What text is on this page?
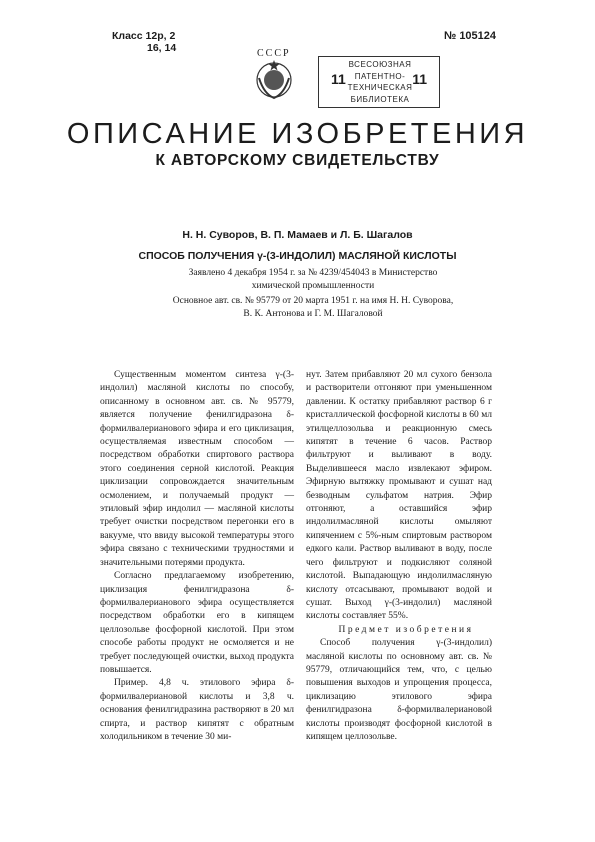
Класс 12p, 2
16, 14
№ 105124
СССР
11
ВСЕСОЮЗНАЯ
ПАТЕНТНО-
ТЕХНИЧЕСКАЯ
БИБЛИОТЕКА
11
ОПИСАНИЕ ИЗОБРЕТЕНИЯ
К АВТОРСКОМУ СВИДЕТЕЛЬСТВУ
Н. Н. Суворов, В. П. Мамаев и Л. Б. Шагалов
СПОСОБ ПОЛУЧЕНИЯ γ-(3-ИНДОЛИЛ) МАСЛЯНОЙ КИСЛОТЫ
Заявлено 4 декабря 1954 г. за № 4239/454043 в Министерство химической промышленности
Основное авт. св. № 95779 от 20 марта 1951 г. на имя Н. Н. Суворова, В. К. Антонова и Г. М. Шагаловой

Существенным моментом синтеза γ-(3-индолил) масляной кислоты по способу, описанному в основном авт. св. № 95779, является получение фенилгидразона δ-формилвалерианового эфира и его циклизация, осуществляемая известным способом — посредством обработки спиртового раствора этого соединения серной кислотой. Реакция циклизации сопровождается значительным осмолением, и получаемый продукт — этиловый эфир индолил — масляной кислоты требует очистки посредством перегонки его в вакууме, что ввиду высокой температуры этого эфира связано с техническими трудностями и значительными потерями продукта.

Согласно предлагаемому изобретению, циклизация фенилгидразона δ-формилвалерианового эфира осуществляется посредством обработки его в кипящем целлозольве фосфорной кислотой. При этом способе работы продукт не осмоляется и не требует последующей очистки, выход продукта повышается.

Пример. 4,8 ч. этилового эфира δ-формилвалериановой кислоты и 3,8 ч. основания фенилгидразина растворяют в 20 мл спирта, и раствор кипятят с обратным холодильником в течение 30 ми-

нут. Затем прибавляют 20 мл сухого бензола и растворители отгоняют при уменьшенном давлении. К остатку прибавляют раствор 6 г кристаллической фосфорной кислоты в 60 мл этилцеллозольва и реакционную смесь кипятят в течение 6 часов. Раствор фильтруют и выливают в воду. Выделившееся масло извлекают эфиром. Эфирную вытяжку промывают и сушат над безводным сульфатом натрия. Эфир отгоняют, а оставшийся эфир индолилмасляной кислоты омыляют кипячением с 5%-ным спиртовым раствором едкого кали. Раствор выливают в воду, после чего фильтруют и подкисляют соляной кислотой. Выпадающую индолилмасляную кислоту отсасывают, промывают водой и сушат. Выход γ-(3-индолил) масляной кислоты составляет 55%.

Предмет изобретения

Способ получения γ-(3-индолил) масляной кислоты по основному авт. св. № 95779, отличающийся тем, что, с целью повышения выходов и упрощения процесса, циклизацию этилового эфира фенилгидразона δ-формилвалериановой кислоты производят фосфорной кислотой в кипящем целлозольве.
